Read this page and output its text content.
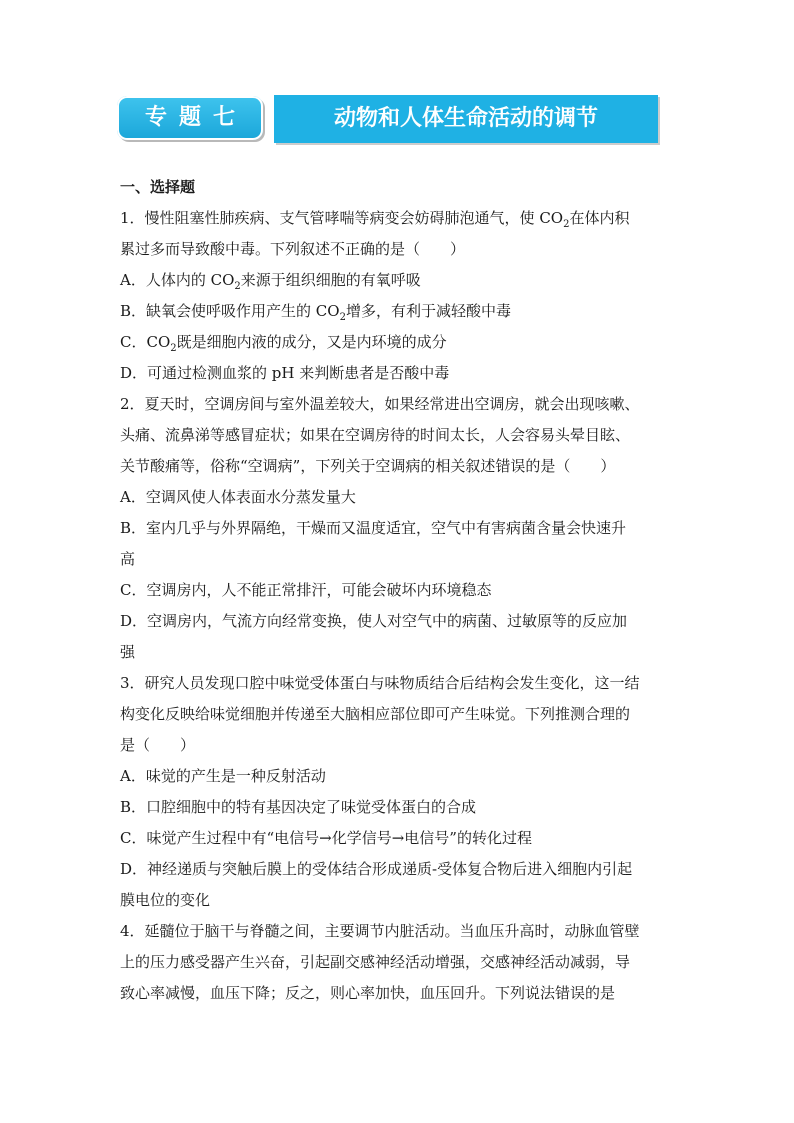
专题七	动物和人体生命活动的调节
一、选择题
1．慢性阻塞性肺疾病、支气管哮喘等病变会妨碍肺泡通气，使 $CO_2$在体内积
累过多而导致酸中毒。下列叙述不正确的是（　　）
A．人体内的 $CO_2$来源于组织细胞的有氧呼吸
B．缺氧会使呼吸作用产生的 $CO_2$增多，有利于减轻酸中毒
C．$CO_2$既是细胞内液的成分，又是内环境的成分
D．可通过检测血浆的 pH 来判断患者是否酸中毒
2．夏天时，空调房间与室外温差较大，如果经常进出空调房，就会出现咳嗽、
头痛、流鼻涕等感冒症状；如果在空调房待的时间太长，人会容易头晕目眩、
关节酸痛等，俗称“空调病”，下列关于空调病的相关叙述错误的是（　　）
A．空调风使人体表面水分蒸发量大
B．室内几乎与外界隔绝，干燥而又温度适宜，空气中有害病菌含量会快速升
高
C．空调房内，人不能正常排汗，可能会破坏内环境稳态
D．空调房内，气流方向经常变换，使人对空气中的病菌、过敏原等的反应加
强
3．研究人员发现口腔中味觉受体蛋白与味物质结合后结构会发生变化，这一结
构变化反映给味觉细胞并传递至大脑相应部位即可产生味觉。下列推测合理的
是（　　）
A．味觉的产生是一种反射活动
B．口腔细胞中的特有基因决定了味觉受体蛋白的合成
C．味觉产生过程中有“电信号→化学信号→电信号”的转化过程
D．神经递质与突触后膜上的受体结合形成递质-受体复合物后进入细胞内引起
膜电位的变化
4．延髓位于脑干与脊髓之间，主要调节内脏活动。当血压升高时，动脉血管壁
上的压力感受器产生兴奋，引起副交感神经活动增强，交感神经活动减弱，导
致心率减慢，血压下降；反之，则心率加快，血压回升。下列说法错误的是
